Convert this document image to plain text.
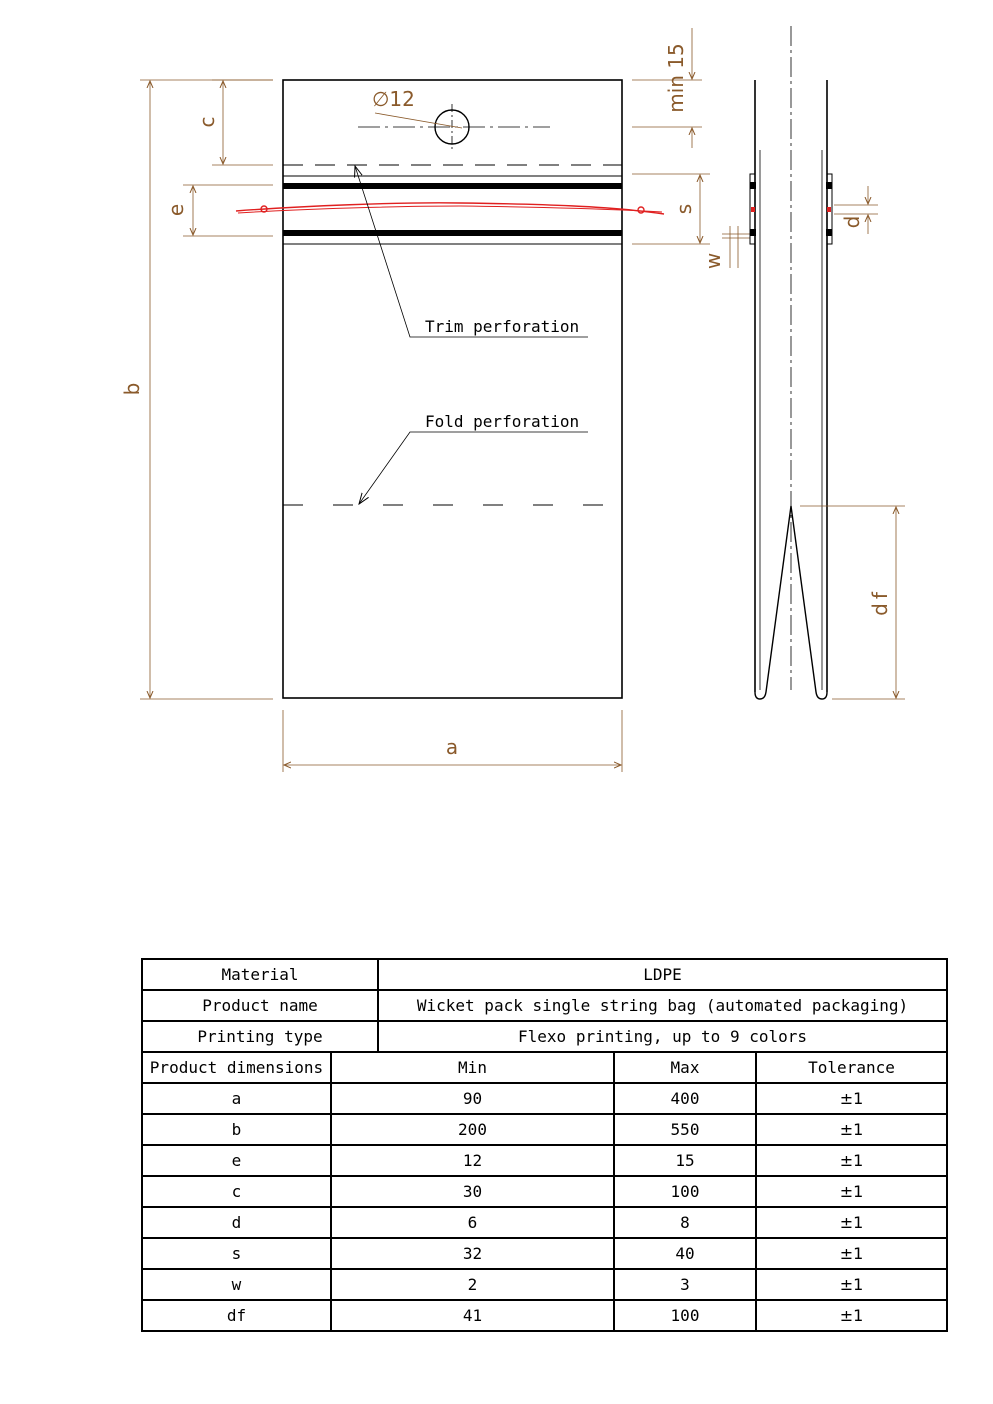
∅12
Trim perforation
Fold perforation
b
c
e
a
min 15
s
w
d
df
Material		LDPE		
Product name		Wicket pack single string bag (automated packaging)		
Printing type		Flexo printing, up to 9 colors		
Product dimensions	Min		Max	Tolerance
a	90		400	±1
b	200		550	±1
e	12		15	±1
c	30		100	±1
d	6		8	±1
s	32		40	±1
w	2		3	±1
df	41		100	±1
